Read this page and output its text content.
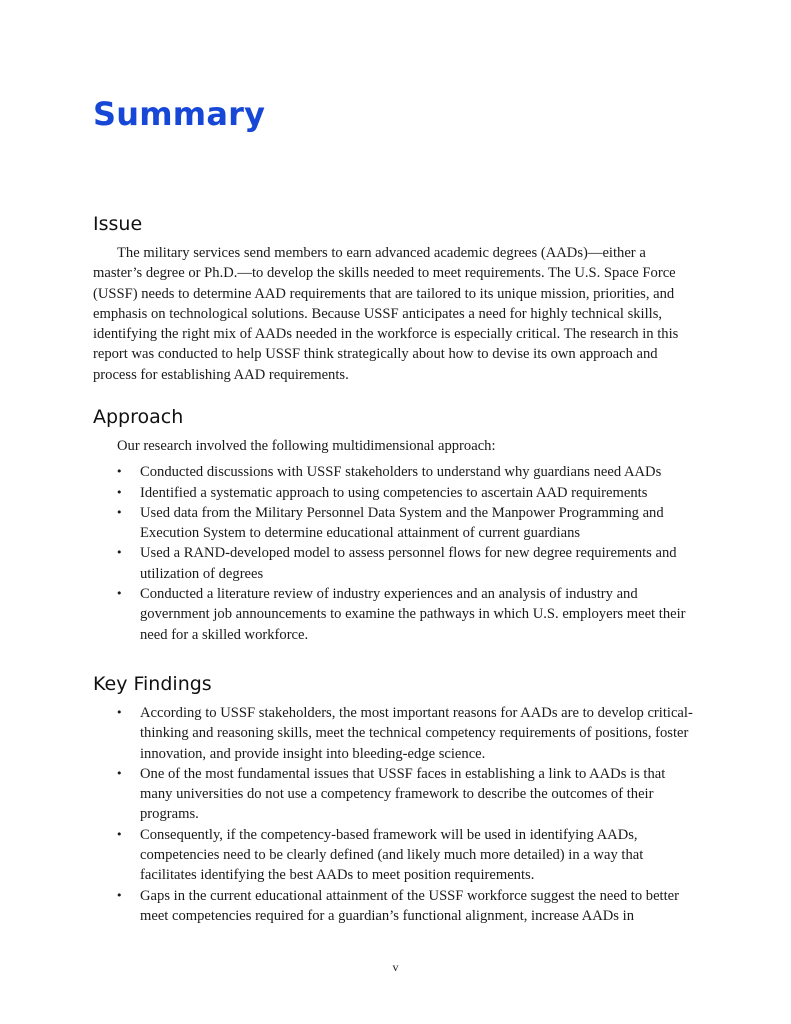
Summary
Issue

The military services send members to earn advanced academic degrees (AADs)—either a master’s degree or Ph.D.—to develop the skills needed to meet requirements. The U.S. Space Force (USSF) needs to determine AAD requirements that are tailored to its unique mission, priorities, and emphasis on technological solutions. Because USSF anticipates a need for highly technical skills, identifying the right mix of AADs needed in the workforce is especially critical. The research in this report was conducted to help USSF think strategically about how to devise its own approach and process for establishing AAD requirements.

Approach

Our research involved the following multidimensional approach:

• Conducted discussions with USSF stakeholders to understand why guardians need AADs
• Identified a systematic approach to using competencies to ascertain AAD requirements
• Used data from the Military Personnel Data System and the Manpower Programming and Execution System to determine educational attainment of current guardians
• Used a RAND-developed model to assess personnel flows for new degree requirements and utilization of degrees
• Conducted a literature review of industry experiences and an analysis of industry and government job announcements to examine the pathways in which U.S. employers meet their need for a skilled workforce.
Key Findings
• According to USSF stakeholders, the most important reasons for AADs are to develop critical-thinking and reasoning skills, meet the technical competency requirements of positions, foster innovation, and provide insight into bleeding-edge science.
• One of the most fundamental issues that USSF faces in establishing a link to AADs is that many universities do not use a competency framework to describe the outcomes of their programs.
• Consequently, if the competency-based framework will be used in identifying AADs, competencies need to be clearly defined (and likely much more detailed) in a way that facilitates identifying the best AADs to meet position requirements.
• Gaps in the current educational attainment of the USSF workforce suggest the need to better meet competencies required for a guardian’s functional alignment, increase AADs in
v
